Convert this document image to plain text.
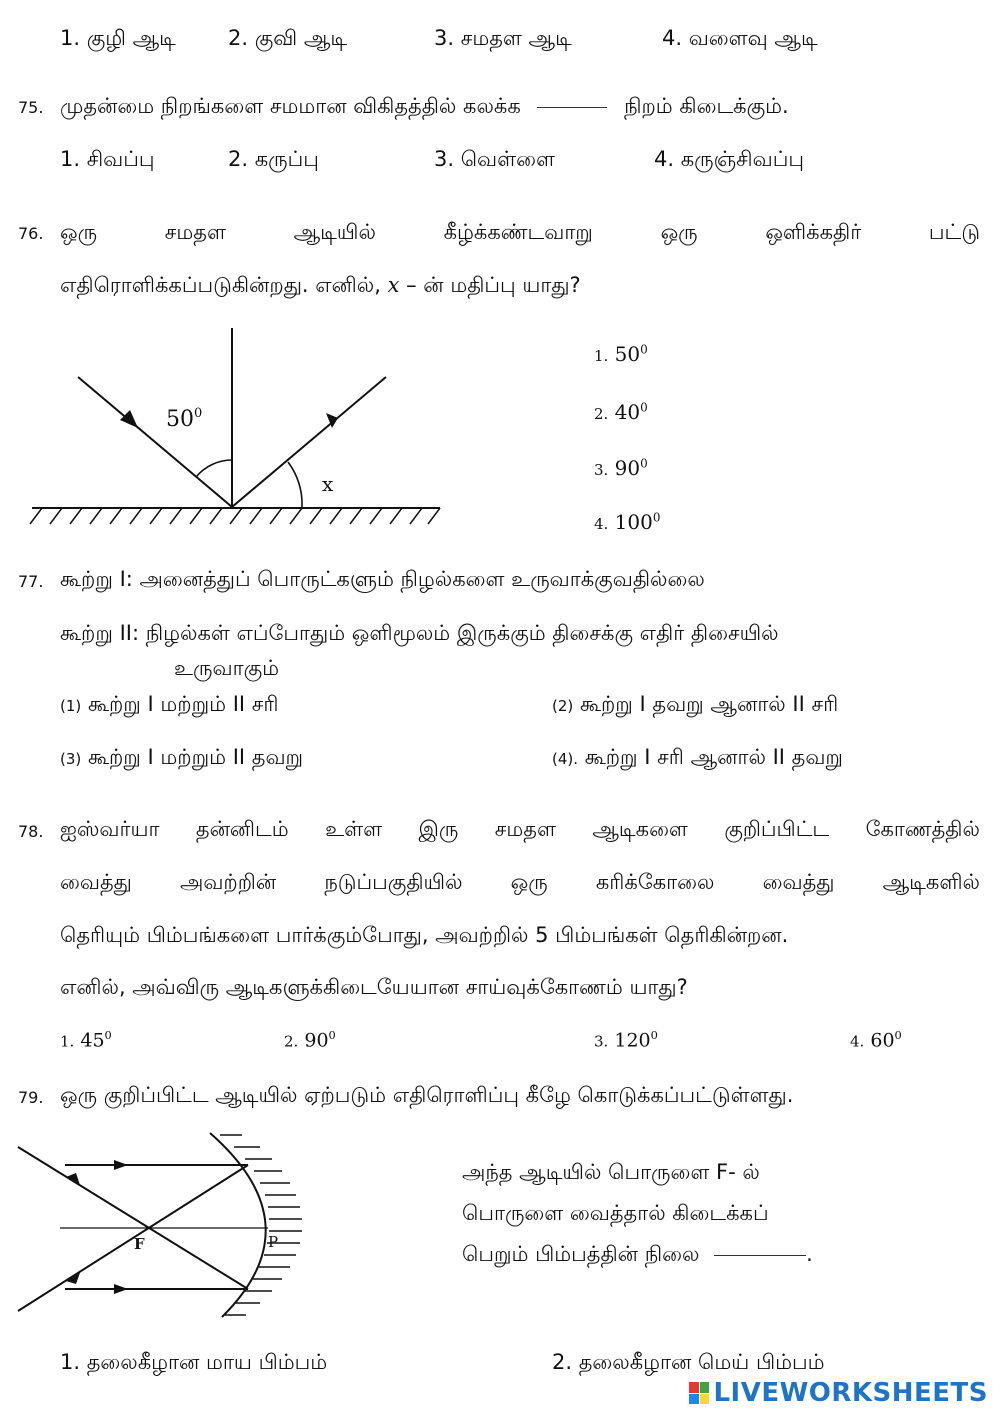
1. குழி ஆடி 2. குவி ஆடி	3. சமதள ஆடி	4. வளைவு ஆடி
75. முதன்மை நிறங்களை சமமான விகிதத்தில் கலக்க	நிறம் கிடைக்கும்.
1. சிவப்பு	2. கருப்பு	3. வெள்ளை	4. கருஞ்சிவப்பு
76. ஒரு	சமதள	ஆடியில்	கீழ்க்கண்டவாறு	ஒரு	ஒளிக்கதிர்	பட்டு
எதிரொளிக்கப்படுகின்றது. எனில், x – ன் மதிப்பு யாது?
$50^0$
x
1. $50^0$
2. $40^0$
3. $90^0$
4. $100^0$
77. கூற்று I: அனைத்துப் பொருட்களும் நிழல்களை உருவாக்குவதில்லை
கூற்று II: நிழல்கள் எப்போதும் ஒளிமூலம் இருக்கும் திசைக்கு எதிர் திசையில்
உருவாகும்
(1) கூற்று I மற்றும் II சரி	(2) கூற்று I தவறு ஆனால் II சரி
(3) கூற்று I மற்றும் II தவறு	(4). கூற்று I சரி ஆனால் II தவறு
78. ஐஸ்வர்யா தன்னிடம் உள்ள இரு சமதள ஆடிகளை குறிப்பிட்ட கோணத்தில்
வைத்து அவற்றின் நடுப்பகுதியில் ஒரு கரிக்கோலை வைத்து ஆடிகளில்
தெரியும் பிம்பங்களை பார்க்கும்போது, அவற்றில் 5 பிம்பங்கள் தெரிகின்றன.
எனில், அவ்விரு ஆடிகளுக்கிடையேயான சாய்வுக்கோணம் யாது?
1. $45^0$	2. $90^0$	3. $120^0$	4. $60^0$
79. ஒரு குறிப்பிட்ட ஆடியில் ஏற்படும் எதிரொளிப்பு கீழே கொடுக்கப்பட்டுள்ளது.
F	P
அந்த ஆடியில் பொருளை F- ல்
பொருளை வைத்தால் கிடைக்கப்
பெறும் பிம்பத்தின் நிலை	.
1. தலைகீழான மாய பிம்பம்	2. தலைகீழான மெய் பிம்பம்
LIVEWORKSHEETS
